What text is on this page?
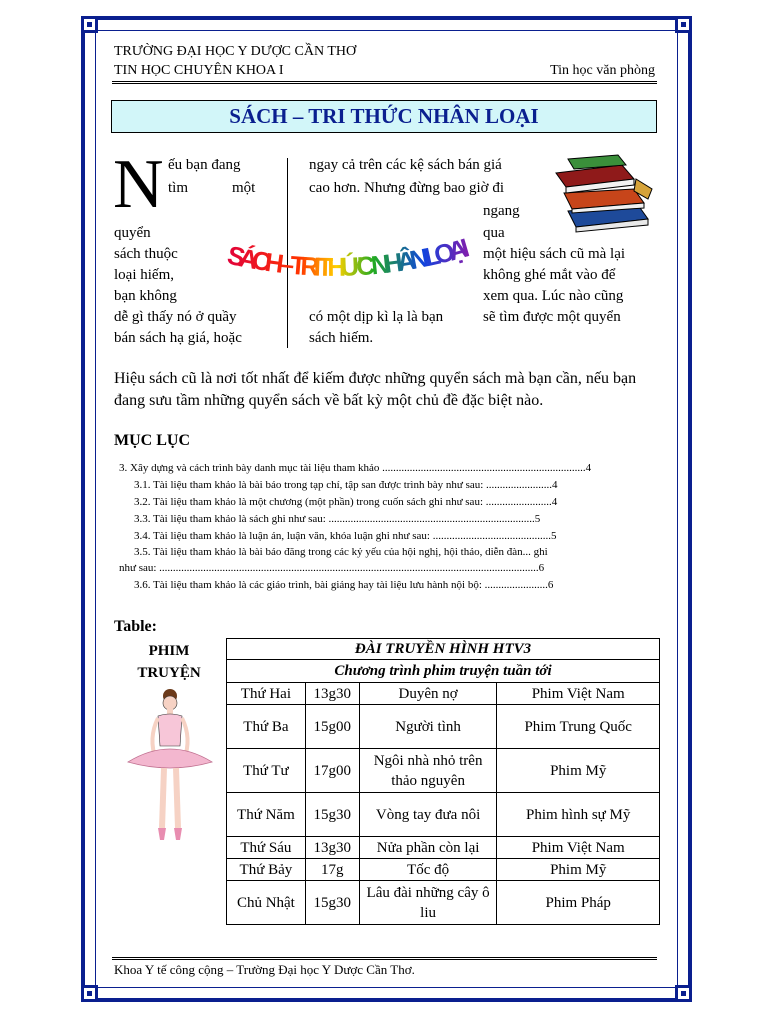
TRƯỜNG ĐẠI HỌC Y DƯỢC CẦN THƠ
TIN HỌC CHUYÊN KHOA I	Tin học văn phòng
SÁCH – TRI THỨC NHÂN LOẠI
N ếu bạn đang
tìm	một
quyển
sách thuộc
loại hiếm,
bạn không
dễ gì thấy nó ở quầy
bán sách hạ giá, hoặc
ngay cả trên các kệ sách bán giá
cao hơn. Nhưng đừng bao giờ đi
ngang
qua
một hiệu sách cũ mà lại
không ghé mắt vào để
xem qua. Lúc nào cũng
có một dịp kì lạ là bạn	sẽ tìm được một quyển
sách hiếm.
SÁCH – TRI THỨC NHÂN LOẠI
Hiệu sách cũ là nơi tốt nhất để kiếm được những quyển sách mà bạn cần, nếu bạn đang sưu tầm những quyển sách về bất kỳ một chủ đề đặc biệt nào.
MỤC LỤC
3. Xây dựng và cách trình bày danh mục tài liệu tham khảo ..........................................................................4
3.1. Tài liệu tham khảo là bài báo trong tạp chí, tập san được trình bày như sau: ........................4
3.2. Tài liệu tham khảo là một chương (một phần) trong cuốn sách ghi như sau: ........................4
3.3. Tài liệu tham khảo là sách ghi như sau: ...........................................................................5
3.4. Tài liệu tham khảo là luận án, luận văn, khóa luận ghi như sau: ...........................................5
3.5. Tài liệu tham khảo là bài báo đăng trong các kỷ yếu của hội nghị, hội thảo, diễn đàn... ghi
như sau: ..........................................................................................................................................6
3.6. Tài liệu tham khảo là các giáo trình, bài giảng hay tài liệu lưu hành nội bộ: .......................6
Table:
PHIM
TRUYỆN
ĐÀI TRUYỀN HÌNH HTV3			
Chương trình phim truyện tuần tới			
Thứ Hai	13g30	Duyên nợ	Phim Việt Nam
Thứ Ba	15g00	Người tình	Phim Trung Quốc
Thứ Tư	17g00	Ngôi nhà nhỏ trên thảo nguyên	Phim Mỹ
Thứ Năm	15g30	Vòng tay đưa nôi	Phim hình sự Mỹ
Thứ Sáu	13g30	Nửa phần còn lại	Phim Việt Nam
Thứ Bảy	17g	Tốc độ	Phim Mỹ
Chủ Nhật	15g30	Lâu đài những cây ô liu	Phim Pháp
Khoa Y tế công cộng – Trường Đại học Y Dược Cần Thơ.
